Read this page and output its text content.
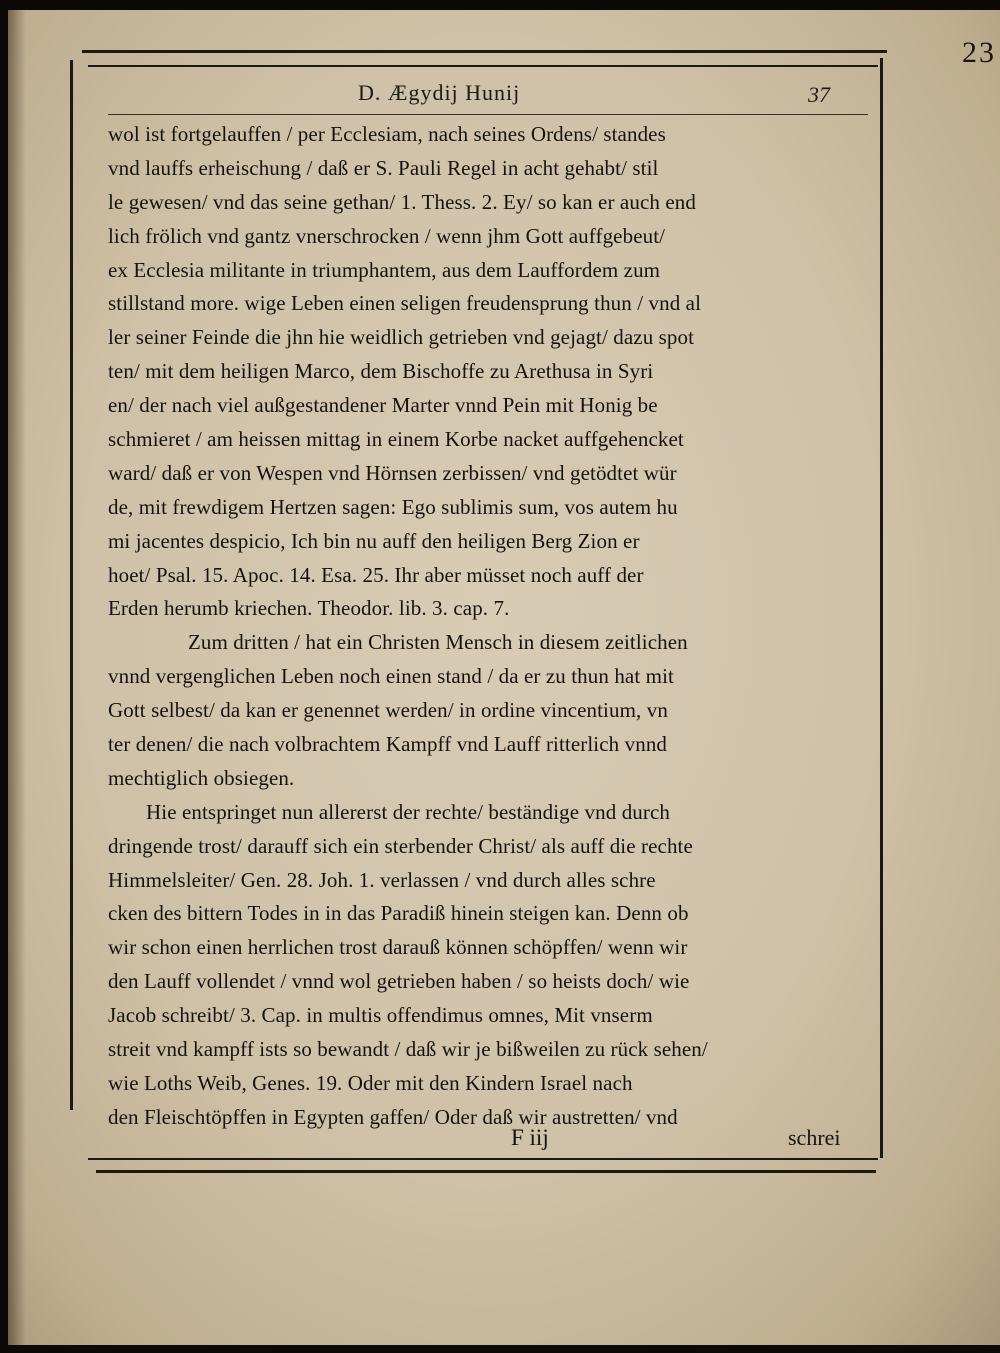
23
D. Ægydij Hunij	37
wol ist fortgelauffen / per Ecclesiam, nach seines Ordens/ standes
vnd lauffs erheischung / daß er S. Pauli Regel in acht gehabt/ stil
le gewesen/ vnd das seine gethan/ 1. Thess. 2. Ey/ so kan er auch end
lich frölich vnd gantz vnerschrocken / wenn jhm Gott auffgebeut/
ex Ecclesia militante in triumphantem, aus dem Lauffordem zum
stillstand more. wige Leben einen seligen freudensprung thun / vnd al
ler seiner Feinde die jhn hie weidlich getrieben vnd gejagt/ dazu spot
ten/ mit dem heiligen Marco, dem Bischoffe zu Arethusa in Syri
en/ der nach viel außgestandener Marter vnnd Pein mit Honig be
schmieret / am heissen mittag in einem Korbe nacket auffgehencket
ward/ daß er von Wespen vnd Hörnsen zerbissen/ vnd getödtet wür
de, mit frewdigem Hertzen sagen: Ego sublimis sum, vos autem hu
mi jacentes despicio, Ich bin nu auff den heiligen Berg Zion er
hoet/ Psal. 15. Apoc. 14. Esa. 25. Ihr aber müsset noch auff der
Erden herumb kriechen. Theodor. lib. 3. cap. 7.
Zum dritten / hat ein Christen Mensch in diesem zeitlichen
vnnd vergenglichen Leben noch einen stand / da er zu thun hat mit
Gott selbest/ da kan er genennet werden/ in ordine vincentium, vn
ter denen/ die nach volbrachtem Kampff vnd Lauff ritterlich vnnd
mechtiglich obsiegen.
Hie entspringet nun allererst der rechte/ beständige vnd durch
dringende trost/ darauff sich ein sterbender Christ/ als auff die rechte
Himmelsleiter/ Gen. 28. Joh. 1. verlassen / vnd durch alles schre
cken des bittern Todes in in das Paradiß hinein steigen kan. Denn ob
wir schon einen herrlichen trost darauß können schöpffen/ wenn wir
den Lauff vollendet / vnnd wol getrieben haben / so heists doch/ wie
Jacob schreibt/ 3. Cap. in multis offendimus omnes, Mit vnserm
streit vnd kampff ists so bewandt / daß wir je bißweilen zu rück sehen/
wie Loths Weib, Genes. 19. Oder mit den Kindern Israel nach
den Fleischtöpffen in Egypten gaffen/ Oder daß wir austretten/ vnd
F iij	schrei
